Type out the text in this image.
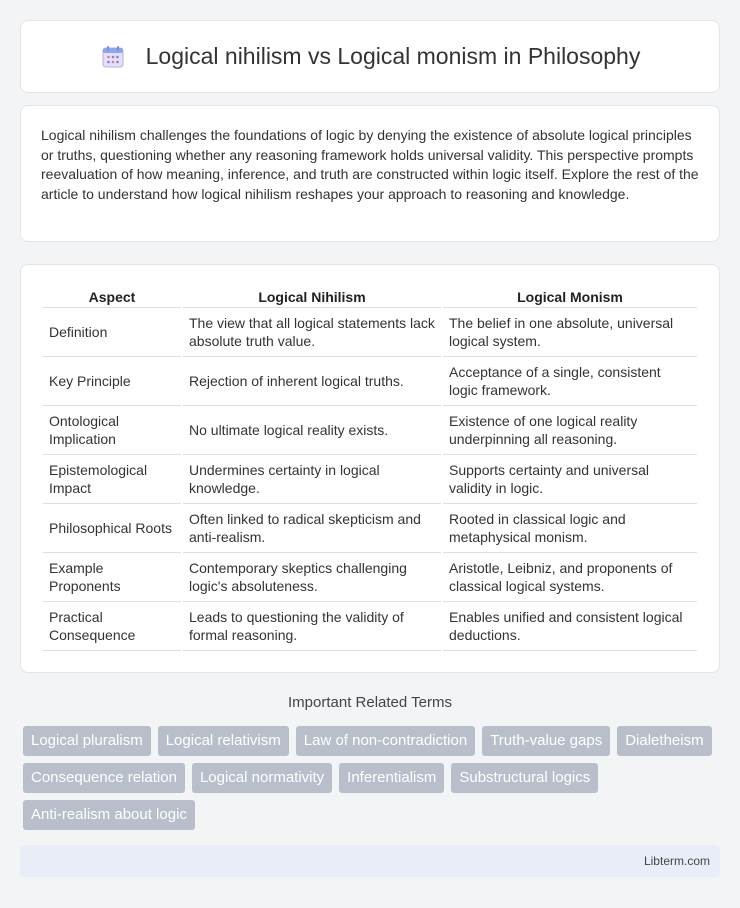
Logical nihilism vs Logical monism in Philosophy

Logical nihilism challenges the foundations of logic by denying the existence of absolute logical principles or truths, questioning whether any reasoning framework holds universal validity. This perspective prompts reevaluation of how meaning, inference, and truth are constructed within logic itself. Explore the rest of the article to understand how logical nihilism reshapes your approach to reasoning and knowledge.

Aspect	Logical Nihilism	Logical Monism
Definition	The view that all logical statements lack absolute truth value.	The belief in one absolute, universal logical system.
Key Principle	Rejection of inherent logical truths.	Acceptance of a single, consistent logic framework.
Ontological Implication	No ultimate logical reality exists.	Existence of one logical reality underpinning all reasoning.
Epistemological Impact	Undermines certainty in logical knowledge.	Supports certainty and universal validity in logic.
Philosophical Roots	Often linked to radical skepticism and anti-realism.	Rooted in classical logic and metaphysical monism.
Example Proponents	Contemporary skeptics challenging logic's absoluteness.	Aristotle, Leibniz, and proponents of classical logical systems.
Practical Consequence	Leads to questioning the validity of formal reasoning.	Enables unified and consistent logical deductions.
Important Related Terms
Logical pluralism	Logical relativism	Law of non-contradiction	Truth-value gaps	Dialetheism
Consequence relation	Logical normativity	Inferentialism	Substructural logics
Anti-realism about logic
Libterm.com
